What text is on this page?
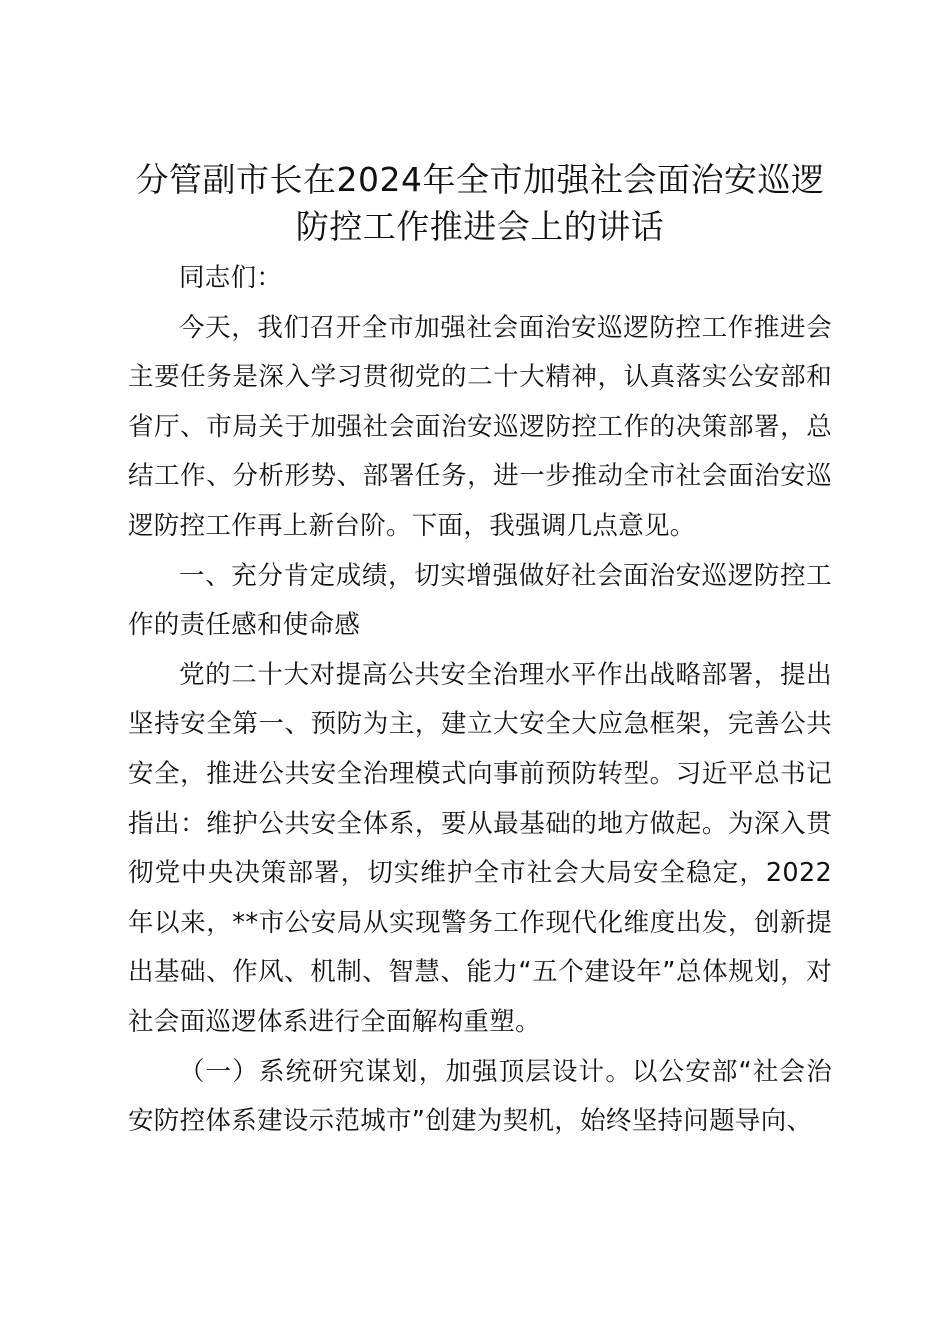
分管副市长在2024年全市加强社会面治安巡逻防控工作推进会上的讲话

同志们：

今天，我们召开全市加强社会面治安巡逻防控工作推进会主要任务是深入学习贯彻党的二十大精神，认真落实公安部和省厅、市局关于加强社会面治安巡逻防控工作的决策部署，总结工作、分析形势、部署任务，进一步推动全市社会面治安巡逻防控工作再上新台阶。下面，我强调几点意见。

一、充分肯定成绩，切实增强做好社会面治安巡逻防控工作的责任感和使命感

党的二十大对提高公共安全治理水平作出战略部署，提出坚持安全第一、预防为主，建立大安全大应急框架，完善公共安全，推进公共安全治理模式向事前预防转型。习近平总书记指出：维护公共安全体系，要从最基础的地方做起。为深入贯彻党中央决策部署，切实维护全市社会大局安全稳定，2022年以来，**市公安局从实现警务工作现代化维度出发，创新提出基础、作风、机制、智慧、能力“五个建设年”总体规划，对社会面巡逻体系进行全面解构重塑。

（一）系统研究谋划，加强顶层设计。以公安部“社会治安防控体系建设示范城市”创建为契机，始终坚持问题导向、
